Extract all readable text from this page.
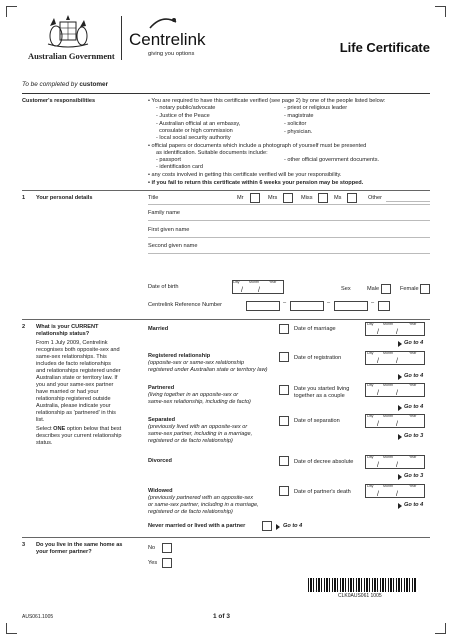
Australian Government
Centrelink
giving you options	Life Certificate
To be completed by customer
Customer's responsibilities	• You are required to have this certificate verified (see page 2) by one of the people listed below:
- notary public/advocate
- Justice of the Peace
- Australian official at an embassy,
consulate or high commission
- local social security authority
- priest or religious leader
- magistrate
- solicitor
- physician.
• official papers or documents which include a photograph of yourself must be presented
as identification. Suitable documents include:
- passport
- identification card
- other official government documents.
• any costs involved in getting this certificate verified will be your responsibility.
• if you fail to return this certificate within 6 weeks your pension may be stopped.
1 Your personal details	Title	Mr	Mrs	Miss	Ms	Other
Family name
First given name
Second given name
Date of birth
Day	Month	Year
/ /	Sex	Male	Female
Centrelink Reference Number	–	–	–
2 What is your CURRENT
relationship status?
From 1 July 2009, Centrelink
recognises both opposite-sex and
same-sex relationships. This
includes de facto relationships
and relationships registered under
Australian state or territory law. If
you and your same-sex partner
have married or had your
relationship registered outside
Australia, please indicate your
relationship as 'partnered' in this
list.
Select ONE option below that best
describes your current relationship
status.
Married	Date of marriage
Day	Month	Year
/ /
Go to 4
Registered relationship
(opposite-sex or same-sex relationship
registered under Australian state or territory law)
Date of registration
Day	Month	Year
/ /
Go to 4
Partnered
(living together in an opposite-sex or
same-sex relationship, including de facto)
Date you started living together as a couple
Day	Month	Year
/ /
Go to 4
Separated
(previously lived with an opposite-sex or
same-sex partner, including in a marriage,
registered or de facto relationship)
Date of separation
Day	Month	Year
/ /
Go to 3
Divorced	Date of decree absolute
Day	Month	Year
/ /
Go to 3
Widowed
(previously partnered with an opposite-sex
or same-sex partner, including in a marriage,
registered or de facto relationship)
Date of partner's death
Day	Month	Year
/ /
Go to 4
Never married or lived with a partner	Go to 4
3 Do you live in the same home as
your former partner?
No
Yes
CLK0AUS061 1005
AUS061.1005	1 of 3
